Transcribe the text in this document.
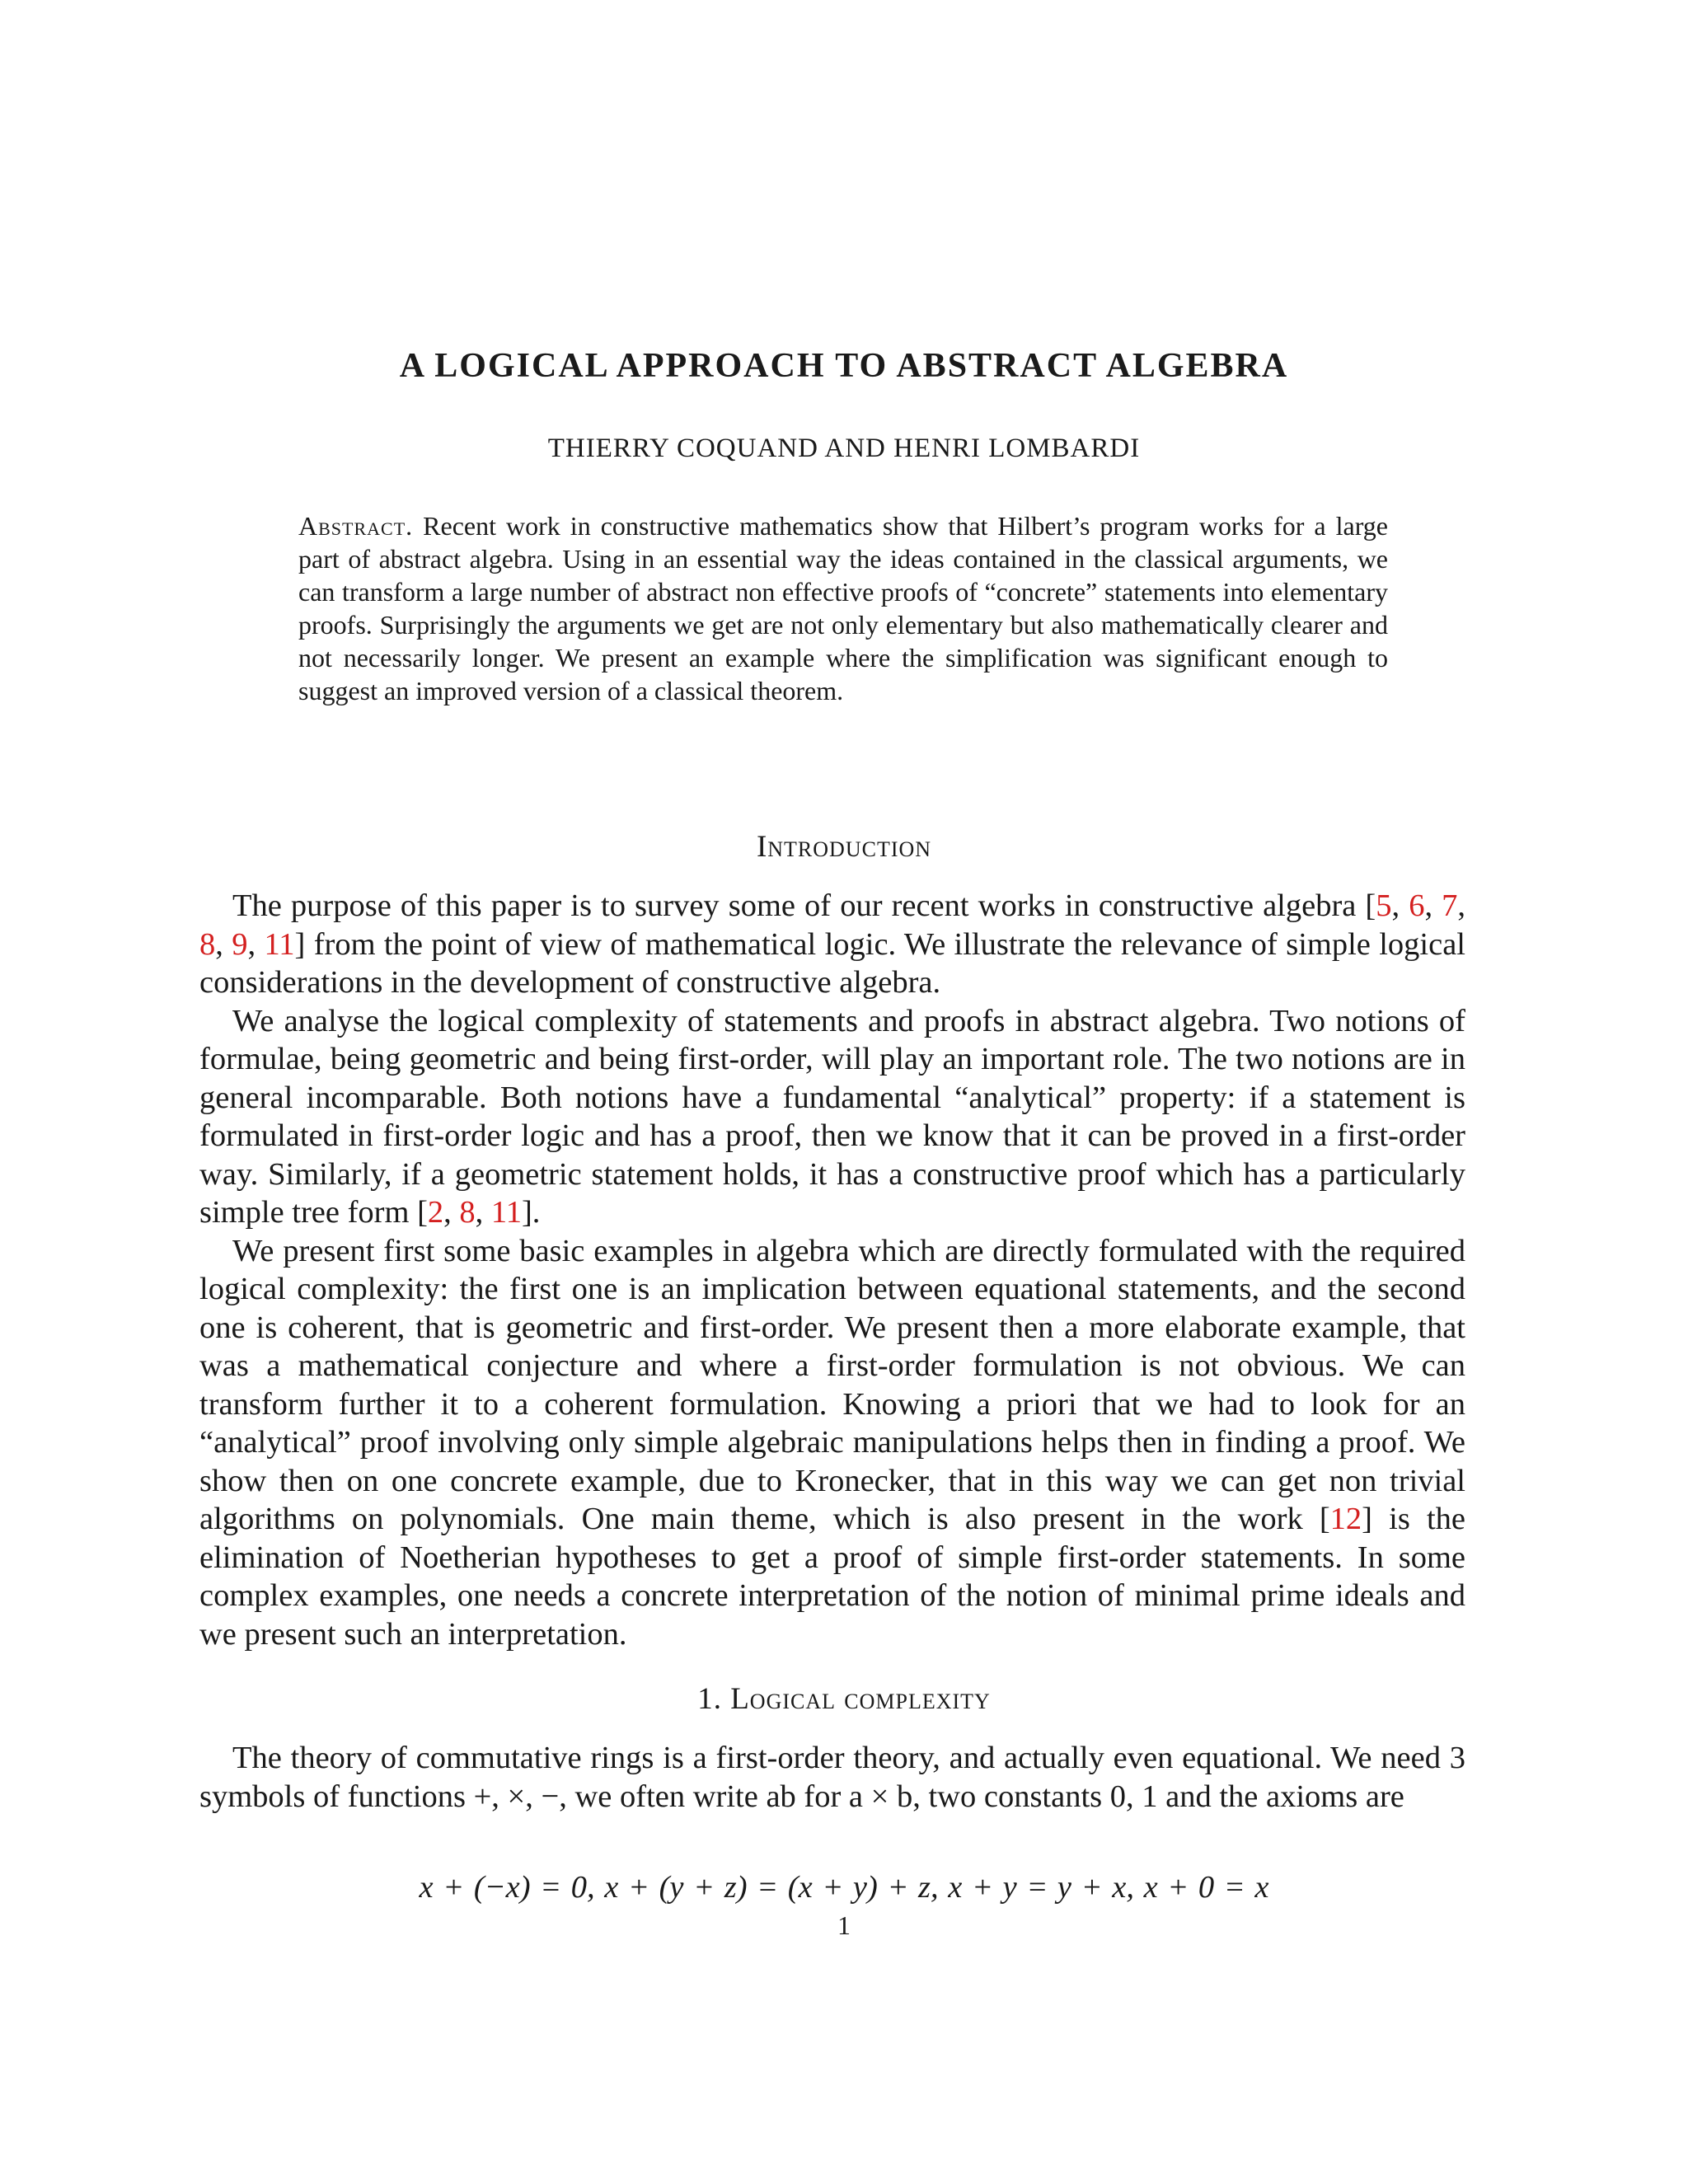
A LOGICAL APPROACH TO ABSTRACT ALGEBRA
THIERRY COQUAND AND HENRI LOMBARDI
Abstract. Recent work in constructive mathematics show that Hilbert’s program works for a large part of abstract algebra. Using in an essential way the ideas contained in the classical arguments, we can transform a large number of abstract non effective proofs of “concrete” statements into elementary proofs. Surprisingly the arguments we get are not only elementary but also mathematically clearer and not necessarily longer. We present an example where the simplification was significant enough to suggest an improved version of a classical theorem.
Introduction

The purpose of this paper is to survey some of our recent works in constructive algebra [5, 6, 7, 8, 9, 11] from the point of view of mathematical logic. We illustrate the relevance of simple logical considerations in the development of constructive algebra.

We analyse the logical complexity of statements and proofs in abstract algebra. Two notions of formulae, being geometric and being first-order, will play an important role. The two notions are in general incomparable. Both notions have a fundamental “analytical” property: if a statement is formulated in first-order logic and has a proof, then we know that it can be proved in a first-order way. Similarly, if a geometric statement holds, it has a constructive proof which has a particularly simple tree form [2, 8, 11].

We present first some basic examples in algebra which are directly formulated with the required logical complexity: the first one is an implication between equational statements, and the second one is coherent, that is geometric and first-order. We present then a more elaborate example, that was a mathematical conjecture and where a first-order formulation is not obvious. We can transform further it to a coherent formulation. Knowing a priori that we had to look for an “analytical” proof involving only simple algebraic manipulations helps then in finding a proof. We show then on one concrete example, due to Kronecker, that in this way we can get non trivial algorithms on polynomials. One main theme, which is also present in the work [12] is the elimination of Noetherian hypotheses to get a proof of simple first-order statements. In some complex examples, one needs a concrete interpretation of the notion of minimal prime ideals and we present such an interpretation.

1. Logical complexity

The theory of commutative rings is a first-order theory, and actually even equational. We need 3 symbols of functions +, ×, −, we often write ab for a × b, two constants 0, 1 and the axioms are

x + (−x) = 0, x + (y + z) = (x + y) + z, x + y = y + x, x + 0 = x
1
